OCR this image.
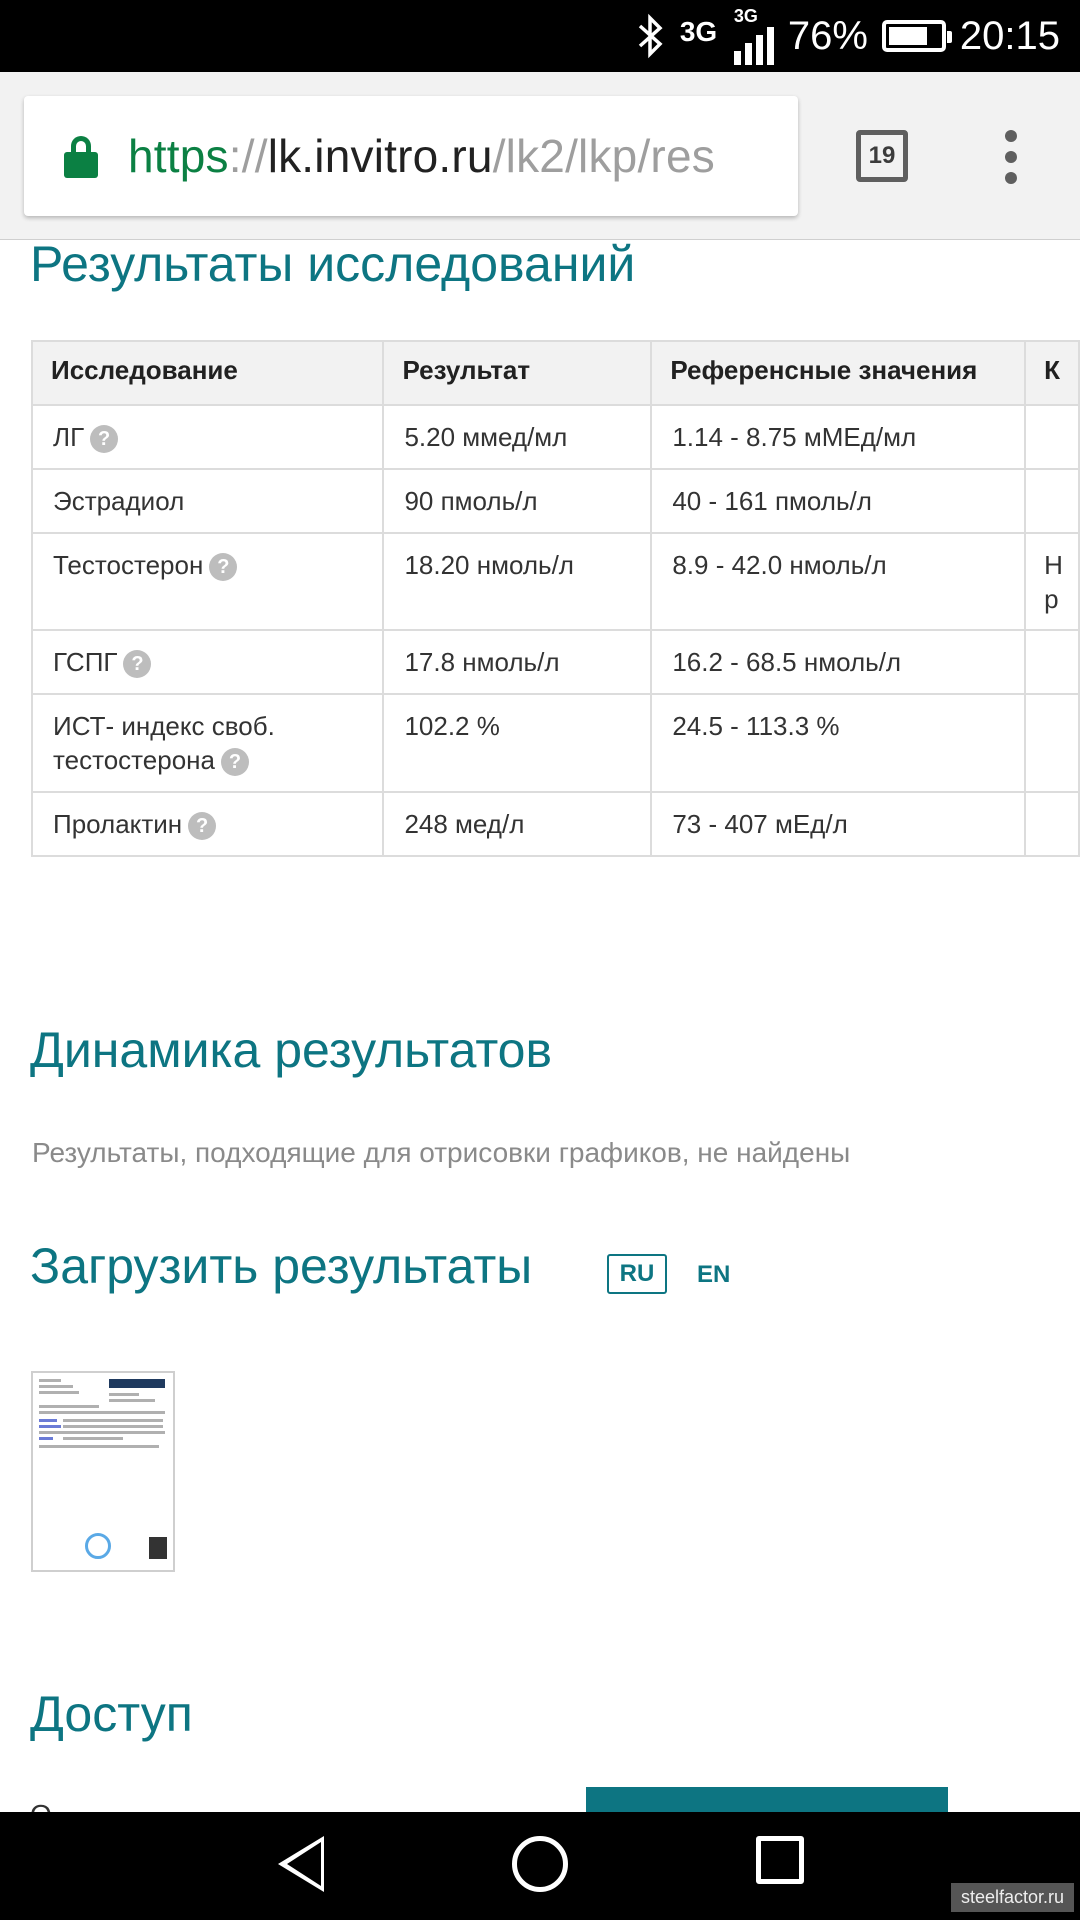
3G 3G 76% 20:15
https://lk.invitro.ru/lk2/lkp/res	19
Результаты исследований
Исследование	Результат	Референсные значения	К
ЛГ ?	5.20 ммед/мл	1.14 - 8.75 мМЕд/мл	
Эстрадиол	90 пмоль/л	40 - 161 пмоль/л	
Тестостерон ?	18.20 нмоль/л	8.9 - 42.0 нмоль/л	Н
р
ГСПГ ?	17.8 нмоль/л	16.2 - 68.5 нмоль/л	
ИСТ- индекс своб.
тестостерона ?	102.2 %	24.5 - 113.3 %	
Пролактин ?	248 мед/л	73 - 407 мЕд/л	
Динамика результатов
Результаты, подходящие для отрисовки графиков, не найдены
Загрузить результаты	RU	EN
Доступ
steelfactor.ru
